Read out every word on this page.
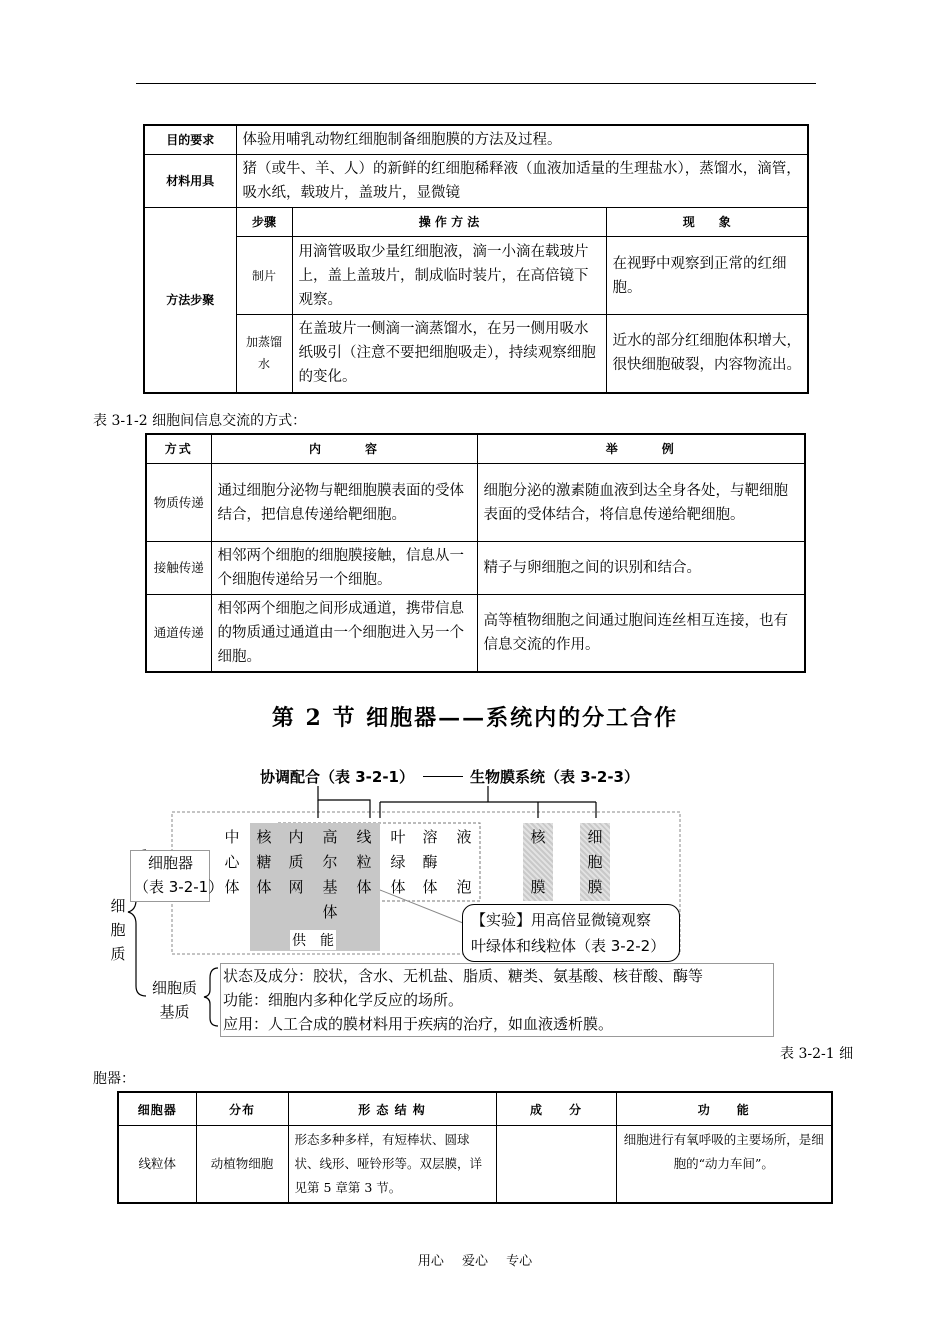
目的要求	体验用哺乳动物红细胞制备细胞膜的方法及过程。		
材料用具	猪（或牛、羊、人）的新鲜的红细胞稀释液（血液加适量的生理盐水），蒸馏水，滴管，吸水纸，载玻片，盖玻片，显微镜		
方法步聚	步骤	操 作 方 法	现　　象
	制片	用滴管吸取少量红细胞液，滴一小滴在载玻片上，盖上盖玻片，制成临时装片，在高倍镜下观察。	在视野中观察到正常的红细胞。
	加蒸馏水	在盖玻片一侧滴一滴蒸馏水，在另一侧用吸水纸吸引（注意不要把细胞吸走），持续观察细胞的变化。	近水的部分红细胞体积增大，很快细胞破裂，内容物流出。
表 3-1-2 细胞间信息交流的方式：
方式	内　　　容	举　　　例
物质传递	通过细胞分泌物与靶细胞膜表面的受体结合，把信息传递给靶细胞。	细胞分泌的激素随血液到达全身各处，与靶细胞表面的受体结合，将信息传递给靶细胞。
接触传递	相邻两个细胞的细胞膜接触，信息从一个细胞传递给另一个细胞。	精子与卵细胞之间的识别和结合。
通道传递	相邻两个细胞之间形成通道，携带信息的物质通过通道由一个细胞进入另一个细胞。	高等植物细胞之间通过胞间连丝相互连接，也有信息交流的作用。
第 2 节 细胞器——系统内的分工合作
协调配合（表 3-2-1）	生物膜系统（表 3-2-3）
细胞质
细胞器
（表 3-2-1）
中
心
体
核
糖
体
内
质
网
高
尔
基
体
线
粒
体
叶
绿
体
溶
酶
体
液
泡
核
膜
细
胞
膜
供　能
【实验】用高倍显微镜观察
叶绿体和线粒体（表 3-2-2）
细胞质
基质
状态及成分：胶状，含水、无机盐、脂质、糖类、氨基酸、核苷酸、酶等
功能：细胞内多种化学反应的场所。
应用：人工合成的膜材料用于疾病的治疗，如血液透析膜。
表 3-2-1 细
胞器：
细胞器	分布	形 态 结 构	成　　分	功　　能
线粒体	动植物细胞	形态多种多样，有短棒状、圆球状、线形、哑铃形等。双层膜，详见第 5 章第 3 节。		细胞进行有氧呼吸的主要场所，是细胞的“动力车间”。
用心 爱心 专心
